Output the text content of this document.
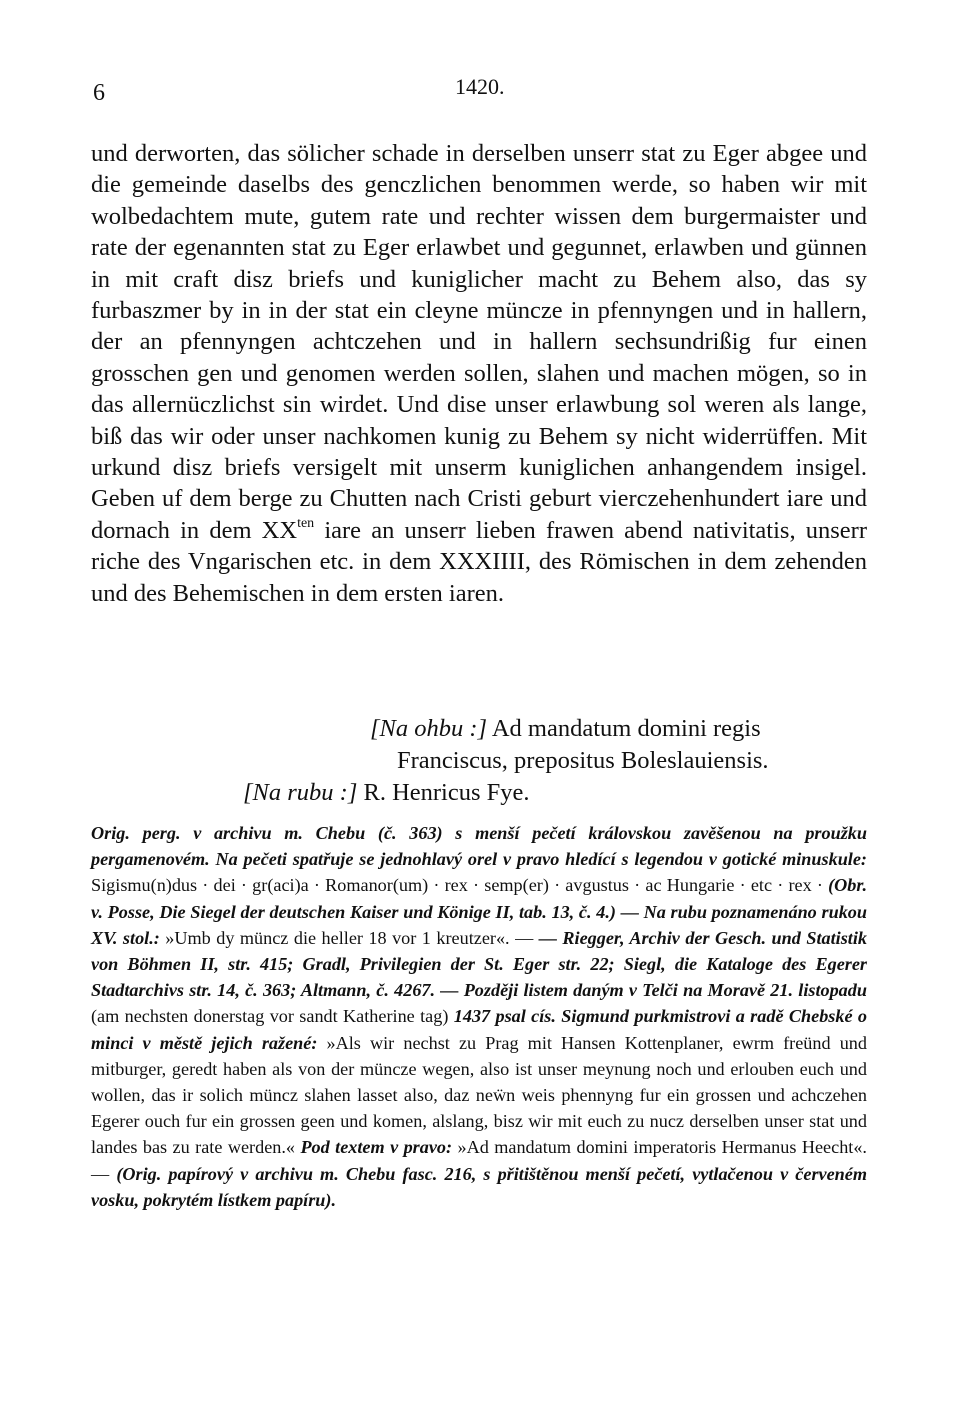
6	1420.

und derworten, das sölicher schade in derselben unserr stat zu Eger abgee und die gemeinde daselbs des genczlichen benommen werde, so haben wir mit wolbedachtem mute, gutem rate und rechter wissen dem burgermaister und rate der egenannten stat zu Eger erlawbet und gegunnet, erlawben und günnen in mit craft disz briefs und kuniglicher macht zu Behem also, das sy furbaszmer by in in der stat ein cleyne müncze in pfennyngen und in hallern, der an pfennyngen achtczehen und in hallern sechsundrißig fur einen grosschen gen und genomen werden sollen, slahen und machen mögen, so in das allernüczlichst sin wirdet. Und dise unser erlawbung sol weren als lange, biß das wir oder unser nachkomen kunig zu Behem sy nicht widerrüffen. Mit urkund disz briefs versigelt mit unserm kuniglichen anhangendem insigel. Geben uf dem berge zu Chutten nach Cristi geburt vierczehenhundert iare und dornach in dem $XX^{ten}$ iare an unserr lieben frawen abend nativitatis, unserr riche des Vngarischen etc. in dem XXXIIII, des Römischen in dem zehenden und des Behemischen in dem ersten iaren.

[Na ohbu :] Ad mandatum domini regis
Franciscus, prepositus Boleslauiensis.
[Na rubu :] R. Henricus Fye.

Orig. perg. v archivu m. Chebu (č. 363) s menší pečetí královskou zavěšenou na proužku pergamenovém. Na pečeti spatřuje se jednohlavý orel v pravo hledící s legendou v gotické minuskule: Sigismu(n)dus · dei · gr(aci)a · Romanor(um) · rex · semp(er) · avgustus · ac Hungarie · etc · rex · (Obr. v. Posse, Die Siegel der deutschen Kaiser und Könige II, tab. 13, č. 4.) — Na rubu poznamenáno rukou XV. stol.: »Umb dy müncz die heller 18 vor 1 kreutzer«. — — Riegger, Archiv der Gesch. und Statistik von Böhmen II, str. 415; Gradl, Privilegien der St. Eger str. 22; Siegl, die Kataloge des Egerer Stadtarchivs str. 14, č. 363; Altmann, č. 4267. — Později listem daným v Telči na Moravě 21. listopadu (am nechsten donerstag vor sandt Katherine tag) 1437 psal cís. Sigmund purkmistrovi a radě Chebské o minci v městě jejich ražené: »Als wir nechst zu Prag mit Hansen Kottenplaner, ewrm freünd und mitburger, geredt haben als von der müncze wegen, also ist unser meynung noch und erlouben euch und wollen, das ir solich müncz slahen lasset also, daz neẅn weis phennyng fur ein grossen und achczehen Egerer ouch fur ein grossen geen und komen, alslang, bisz wir mit euch zu nucz derselben unser stat und landes bas zu rate werden.« Pod textem v pravo: »Ad mandatum domini imperatoris Hermanus Heecht«. — (Orig. papírový v archivu m. Chebu fasc. 216, s přitištěnou menší pečetí, vytlačenou v červeném vosku, pokrytém lístkem papíru).
